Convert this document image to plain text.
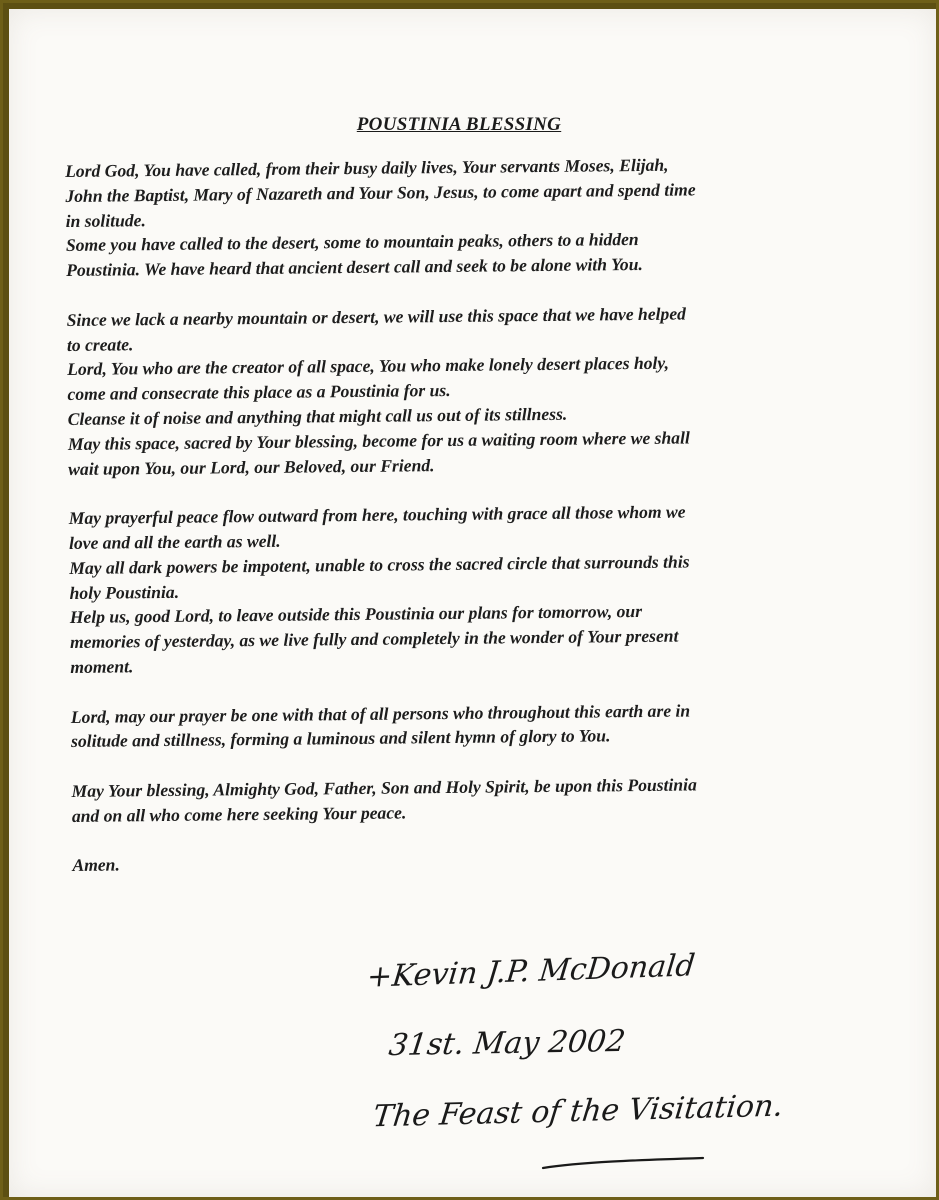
POUSTINIA BLESSING
Lord God, You have called, from their busy daily lives, Your servants Moses, Elijah,
John the Baptist, Mary of Nazareth and Your Son, Jesus, to come apart and spend time
in solitude.
Some you have called to the desert, some to mountain peaks, others to a hidden
Poustinia. We have heard that ancient desert call and seek to be alone with You.
Since we lack a nearby mountain or desert, we will use this space that we have helped
to create.
Lord, You who are the creator of all space, You who make lonely desert places holy,
come and consecrate this place as a Poustinia for us.
Cleanse it of noise and anything that might call us out of its stillness.
May this space, sacred by Your blessing, become for us a waiting room where we shall
wait upon You, our Lord, our Beloved, our Friend.
May prayerful peace flow outward from here, touching with grace all those whom we
love and all the earth as well.
May all dark powers be impotent, unable to cross the sacred circle that surrounds this
holy Poustinia.
Help us, good Lord, to leave outside this Poustinia our plans for tomorrow, our
memories of yesterday, as we live fully and completely in the wonder of Your present
moment.
Lord, may our prayer be one with that of all persons who throughout this earth are in
solitude and stillness, forming a luminous and silent hymn of glory to You.
May Your blessing, Almighty God, Father, Son and Holy Spirit, be upon this Poustinia
and on all who come here seeking Your peace.
Amen.
+Kevin J.P. McDonald
31st. May 2002
The Feast of the Visitation.
